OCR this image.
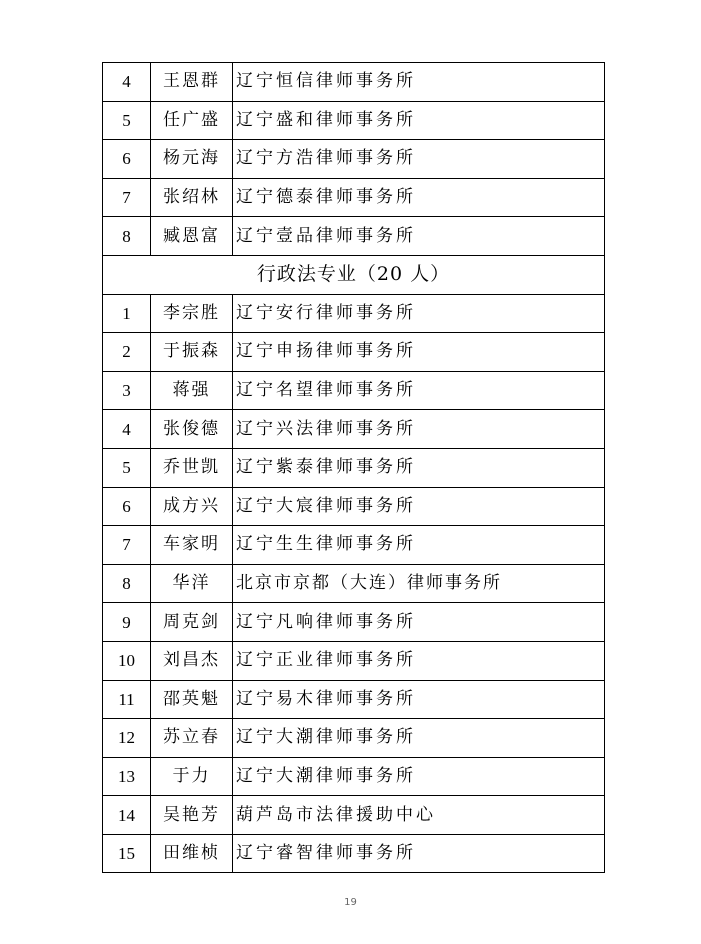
4	王恩群	辽宁恒信律师事务所
5	任广盛	辽宁盛和律师事务所
6	杨元海	辽宁方浩律师事务所
7	张绍林	辽宁德泰律师事务所
8	臧恩富	辽宁壹品律师事务所
行政法专业（20 人）		
1	李宗胜	辽宁安行律师事务所
2	于振森	辽宁申扬律师事务所
3	蒋强	辽宁名望律师事务所
4	张俊德	辽宁兴法律师事务所
5	乔世凯	辽宁紫泰律师事务所
6	成方兴	辽宁大宸律师事务所
7	车家明	辽宁生生律师事务所
8	华洋	北京市京都（大连）律师事务所
9	周克剑	辽宁凡响律师事务所
10	刘昌杰	辽宁正业律师事务所
11	邵英魁	辽宁易木律师事务所
12	苏立春	辽宁大潮律师事务所
13	于力	辽宁大潮律师事务所
14	吴艳芳	葫芦岛市法律援助中心
15	田维桢	辽宁睿智律师事务所
19
